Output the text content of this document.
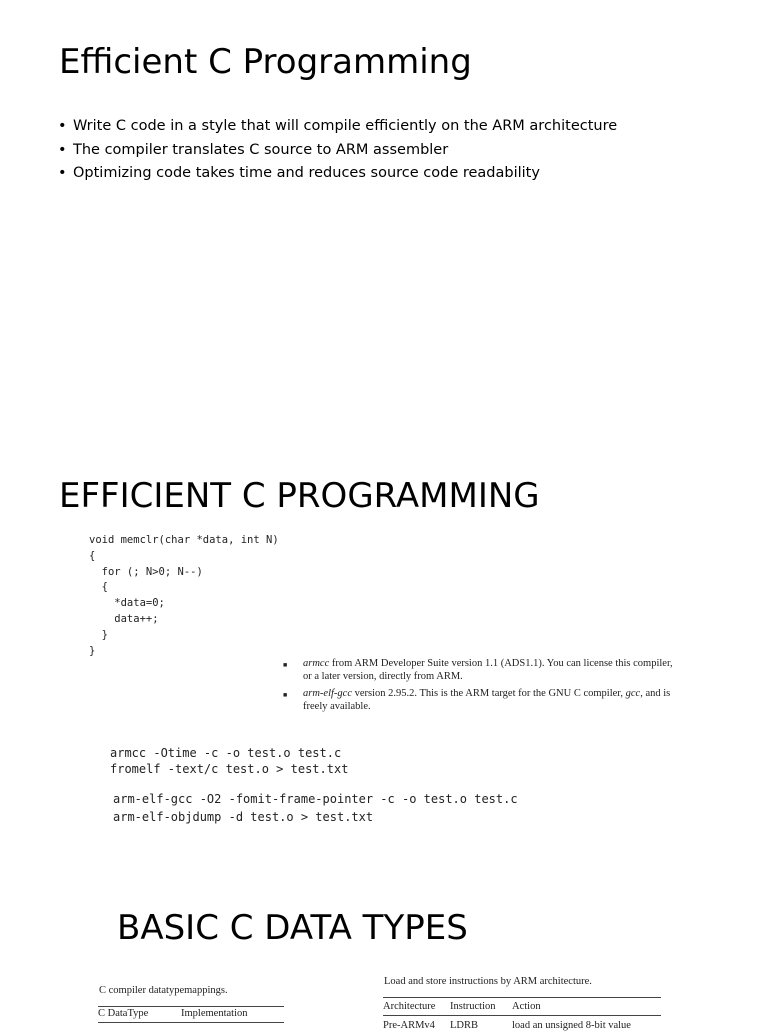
Efficient C Programming
• Write C code in a style that will compile efficiently on the ARM architecture
• The compiler translates C source to ARM assembler
• Optimizing code takes time and reduces source code readability
EFFICIENT C PROGRAMMING
void memclr(char *data, int N)
{
for (; N>0; N--)
{
*data=0;
data++;
}
}
■	armcc from ARM Developer Suite version 1.1 (ADS1.1). You can license this compiler, or a later version, directly from ARM.
■	arm-elf-gcc version 2.95.2. This is the ARM target for the GNU C compiler, gcc, and is freely available.
armcc -Otime -c -o test.o test.c
fromelf -text/c test.o > test.txt
arm-elf-gcc -O2 -fomit-frame-pointer -c -o test.o test.c
arm-elf-objdump -d test.o > test.txt
BASIC C DATA TYPES
C compiler datatypemappings.
C DataType	Implementation
Load and store instructions by ARM architecture.
Architecture	Instruction	Action
Pre-ARMv4	LDRB	load an unsigned 8-bit value
